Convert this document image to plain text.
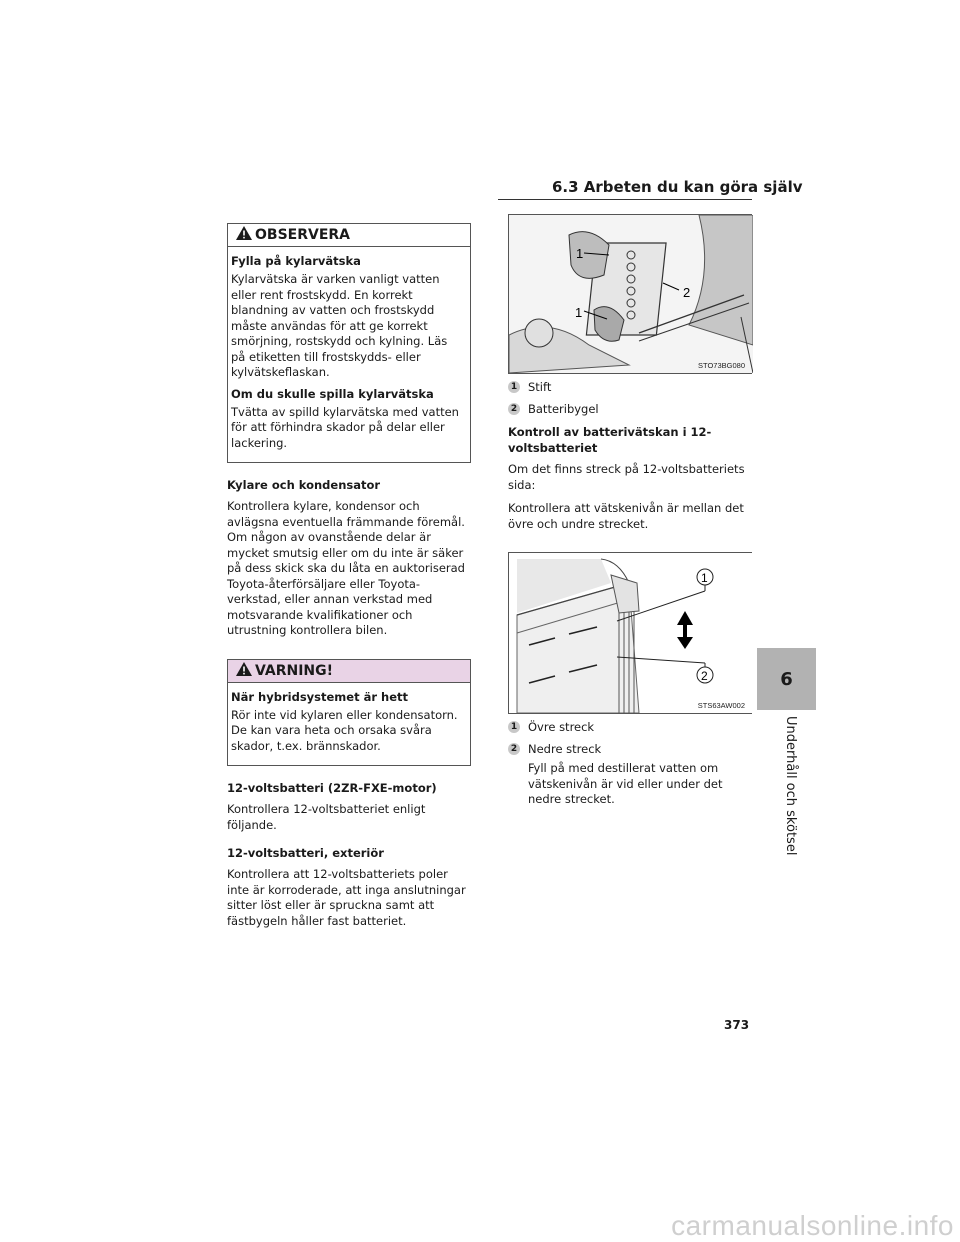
6.3 Arbeten du kan göra själv
OBSERVERA
Fylla på kylarvätska
Kylarvätska är varken vanligt vatten eller rent frostskydd. En korrekt blandning av vatten och frostskydd måste användas för att ge korrekt smörjning, rostskydd och kylning. Läs på etiketten till frostskydds- eller kylvätskeflaskan.
Om du skulle spilla kylarvätska
Tvätta av spilld kylarvätska med vatten för att förhindra skador på delar eller lackering.
Kylare och kondensator
Kontrollera kylare, kondensor och avlägsna eventuella främmande föremål. Om någon av ovanstående delar är mycket smutsig eller om du inte är säker på dess skick ska du låta en auktoriserad Toyota-återförsäljare eller Toyota-verkstad, eller annan verkstad med motsvarande kvalifikationer och utrustning kontrollera bilen.
VARNING!
När hybridsystemet är hett
Rör inte vid kylaren eller kondensatorn. De kan vara heta och orsaka svåra skador, t.ex. brännskador.
12-voltsbatteri (2ZR-FXE-motor)
Kontrollera 12-voltsbatteriet enligt följande.
12-voltsbatteri, exteriör
Kontrollera att 12-voltsbatteriets poler inte är korroderade, att inga anslutningar sitter löst eller är spruckna samt att fästbygeln håller fast batteriet.
1
2
1
STO73BG080
1 Stift
2 Batteribygel
Kontroll av batterivätskan i 12-voltsbatteriet
Om det finns streck på 12-voltsbatteriets sida:
Kontrollera att vätskenivån är mellan det övre och undre strecket.
1
2
STS63AW002
1 Övre streck
2 Nedre streck
Fyll på med destillerat vatten om vätskenivån är vid eller under det nedre strecket.
6
Underhåll och skötsel
373
carmanualsonline.info
